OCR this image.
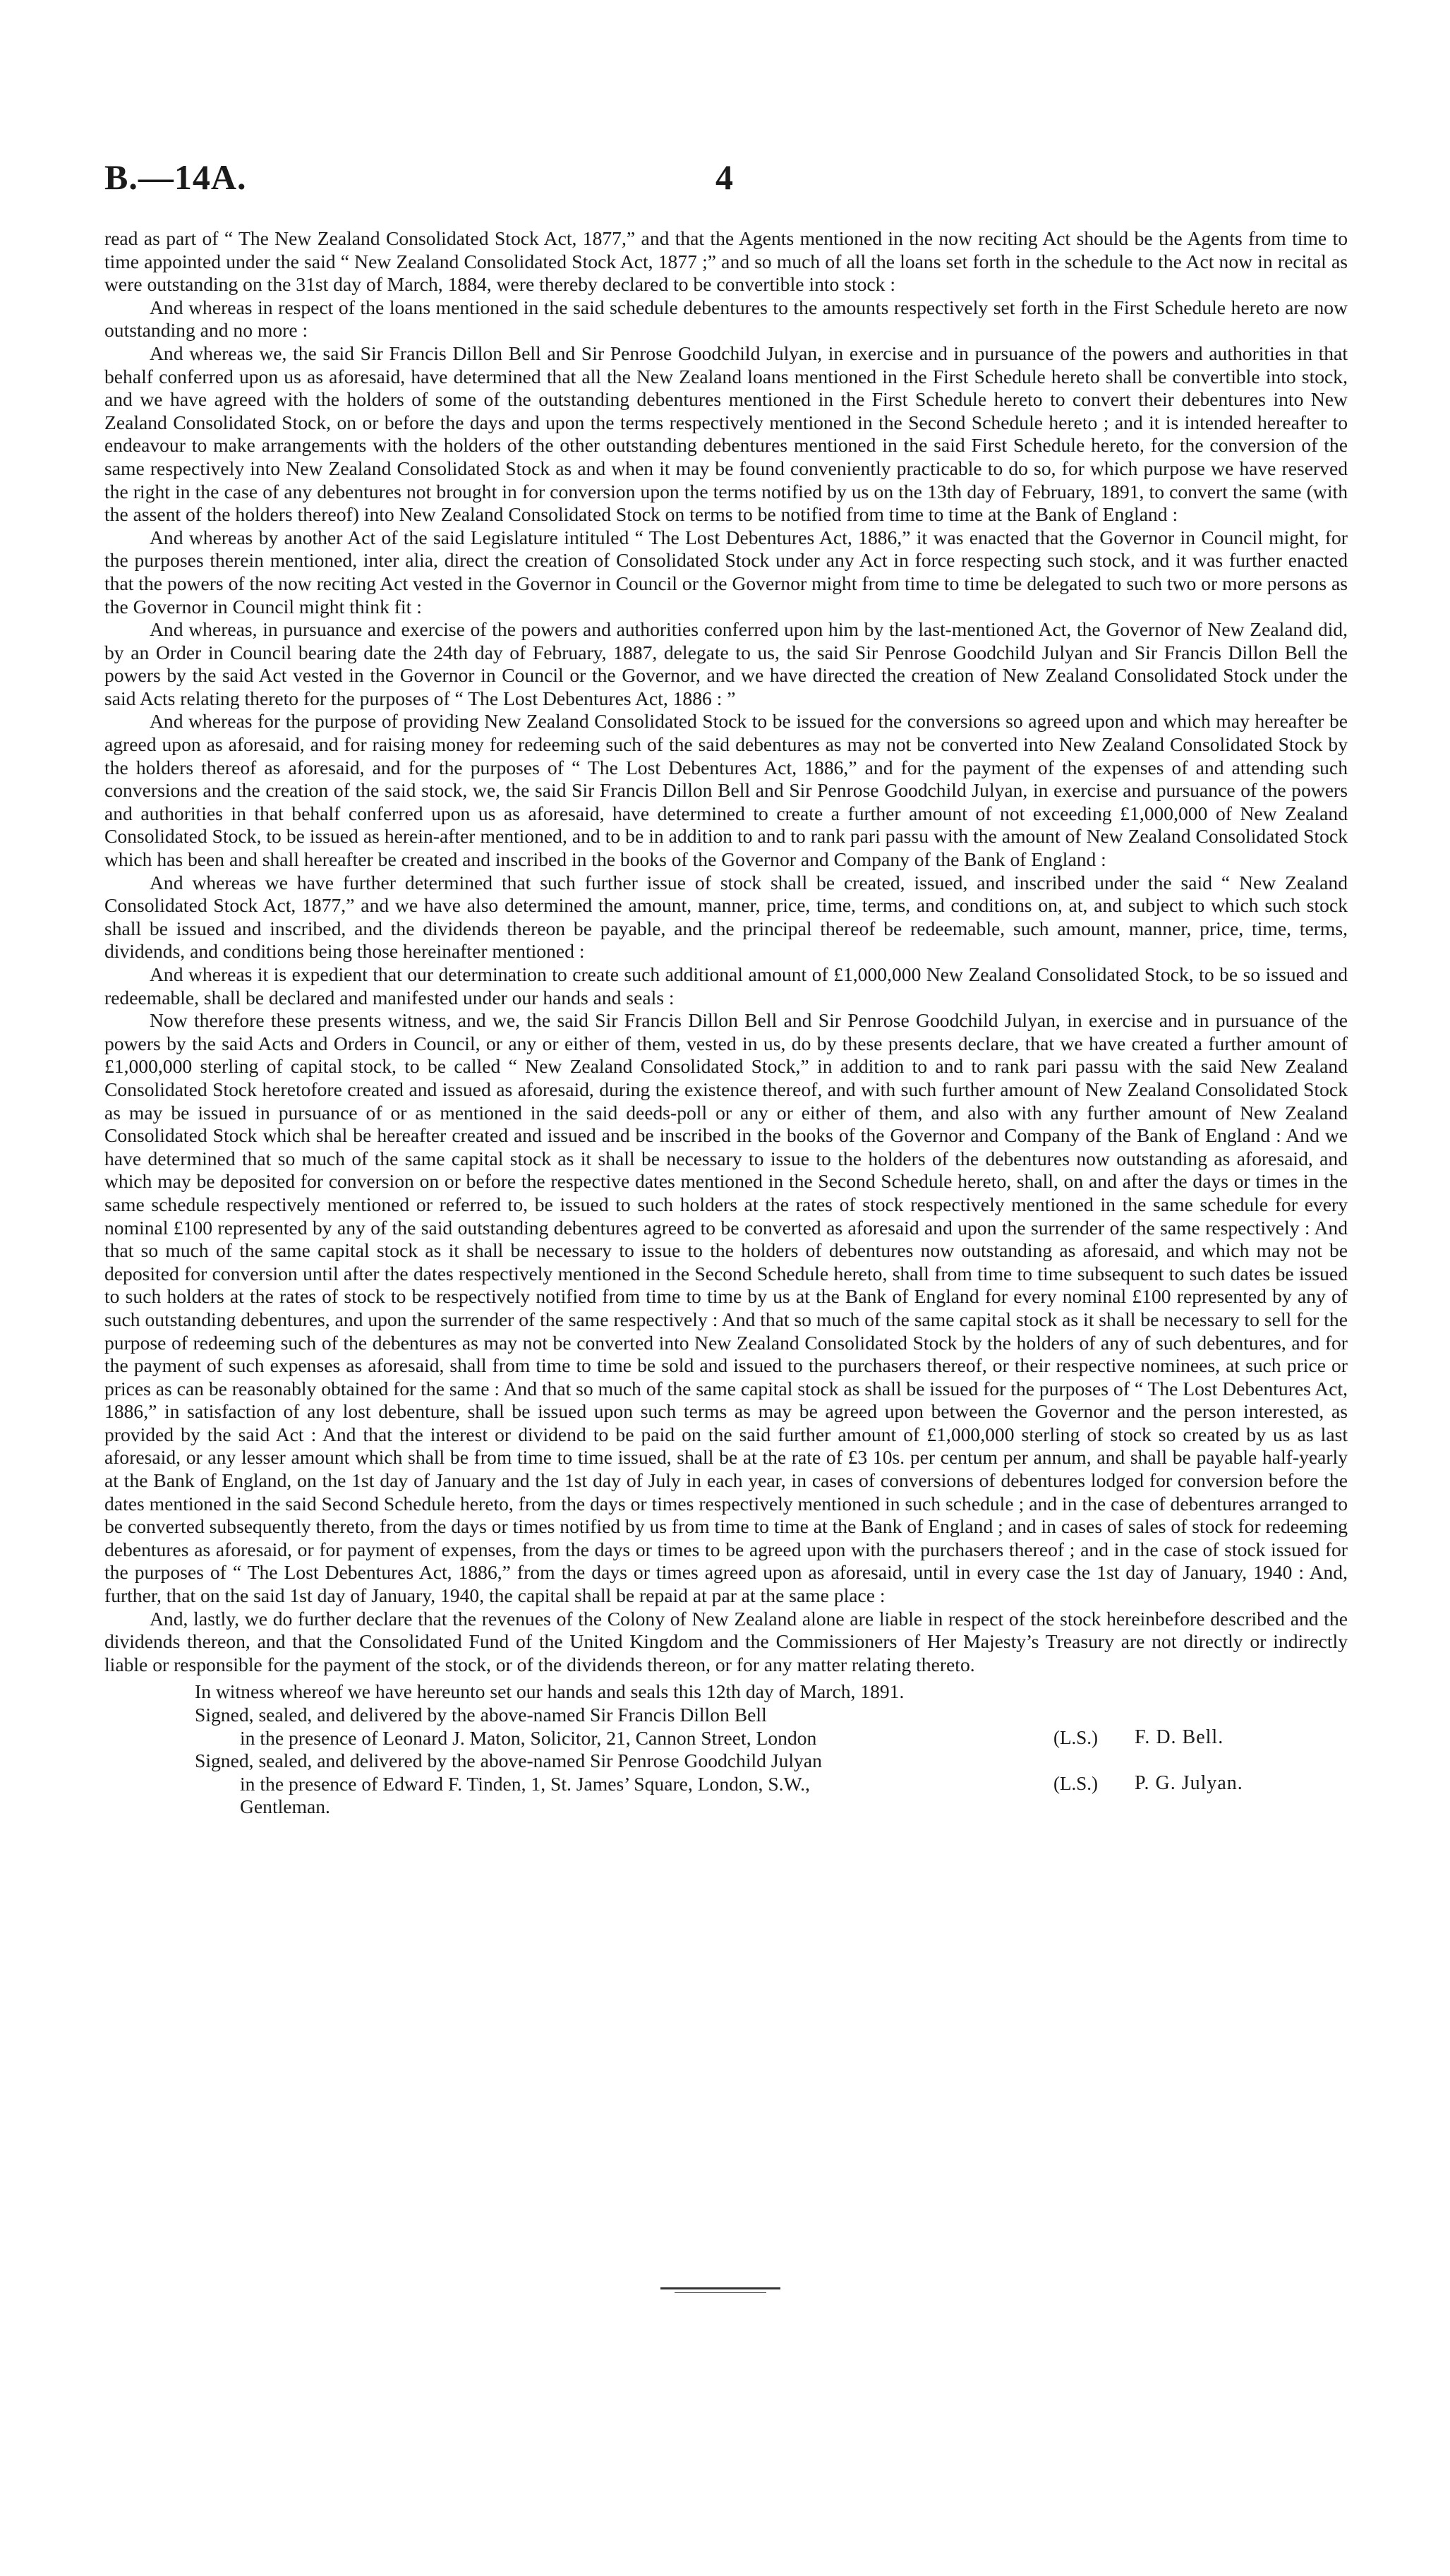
B.—14A.	4

read as part of “ The New Zealand Consolidated Stock Act, 1877,” and that the Agents mentioned in the now reciting Act should be the Agents from time to time appointed under the said “ New Zealand Consolidated Stock Act, 1877 ;” and so much of all the loans set forth in the schedule to the Act now in recital as were outstanding on the 31st day of March, 1884, were thereby declared to be convertible into stock :

And whereas in respect of the loans mentioned in the said schedule debentures to the amounts respectively set forth in the First Schedule hereto are now outstanding and no more :

And whereas we, the said Sir Francis Dillon Bell and Sir Penrose Goodchild Julyan, in exercise and in pursuance of the powers and authorities in that behalf conferred upon us as aforesaid, have determined that all the New Zealand loans mentioned in the First Schedule hereto shall be convertible into stock, and we have agreed with the holders of some of the outstanding debentures mentioned in the First Schedule hereto to convert their debentures into New Zealand Consolidated Stock, on or before the days and upon the terms respectively mentioned in the Second Schedule hereto ; and it is intended hereafter to endeavour to make arrangements with the holders of the other outstanding debentures mentioned in the said First Schedule hereto, for the conversion of the same respectively into New Zealand Consolidated Stock as and when it may be found conveniently practicable to do so, for which purpose we have reserved the right in the case of any debentures not brought in for conversion upon the terms notified by us on the 13th day of February, 1891, to convert the same (with the assent of the holders thereof) into New Zealand Consolidated Stock on terms to be notified from time to time at the Bank of England :

And whereas by another Act of the said Legislature intituled “ The Lost Debentures Act, 1886,” it was enacted that the Governor in Council might, for the purposes therein mentioned, inter alia, direct the creation of Consolidated Stock under any Act in force respecting such stock, and it was further enacted that the powers of the now reciting Act vested in the Governor in Council or the Governor might from time to time be delegated to such two or more persons as the Governor in Council might think fit :

And whereas, in pursuance and exercise of the powers and authorities conferred upon him by the last-mentioned Act, the Governor of New Zealand did, by an Order in Council bearing date the 24th day of February, 1887, delegate to us, the said Sir Penrose Goodchild Julyan and Sir Francis Dillon Bell the powers by the said Act vested in the Governor in Council or the Governor, and we have directed the creation of New Zealand Consolidated Stock under the said Acts relating thereto for the purposes of “ The Lost Debentures Act, 1886 : ”

And whereas for the purpose of providing New Zealand Consolidated Stock to be issued for the conversions so agreed upon and which may hereafter be agreed upon as aforesaid, and for raising money for redeeming such of the said debentures as may not be converted into New Zealand Consolidated Stock by the holders thereof as aforesaid, and for the purposes of “ The Lost Debentures Act, 1886,” and for the payment of the expenses of and attending such conversions and the creation of the said stock, we, the said Sir Francis Dillon Bell and Sir Penrose Goodchild Julyan, in exercise and pursuance of the powers and authorities in that behalf conferred upon us as aforesaid, have determined to create a further amount of not exceeding £1,000,000 of New Zealand Consolidated Stock, to be issued as herein-after mentioned, and to be in addition to and to rank pari passu with the amount of New Zealand Consolidated Stock which has been and shall hereafter be created and inscribed in the books of the Governor and Company of the Bank of England :

And whereas we have further determined that such further issue of stock shall be created, issued, and inscribed under the said “ New Zealand Consolidated Stock Act, 1877,” and we have also determined the amount, manner, price, time, terms, and conditions on, at, and subject to which such stock shall be issued and inscribed, and the dividends thereon be payable, and the principal thereof be redeemable, such amount, manner, price, time, terms, dividends, and conditions being those hereinafter mentioned :

And whereas it is expedient that our determination to create such additional amount of £1,000,000 New Zealand Consolidated Stock, to be so issued and redeemable, shall be declared and manifested under our hands and seals :

Now therefore these presents witness, and we, the said Sir Francis Dillon Bell and Sir Penrose Goodchild Julyan, in exercise and in pursuance of the powers by the said Acts and Orders in Council, or any or either of them, vested in us, do by these presents declare, that we have created a further amount of £1,000,000 sterling of capital stock, to be called “ New Zealand Consolidated Stock,” in addition to and to rank pari passu with the said New Zealand Consolidated Stock heretofore created and issued as aforesaid, during the existence thereof, and with such further amount of New Zealand Consolidated Stock as may be issued in pursuance of or as mentioned in the said deeds-poll or any or either of them, and also with any further amount of New Zealand Consolidated Stock which shal be hereafter created and issued and be inscribed in the books of the Governor and Company of the Bank of England : And we have determined that so much of the same capital stock as it shall be necessary to issue to the holders of the debentures now outstanding as aforesaid, and which may be deposited for conversion on or before the respective dates mentioned in the Second Schedule hereto, shall, on and after the days or times in the same schedule respectively mentioned or referred to, be issued to such holders at the rates of stock respectively mentioned in the same schedule for every nominal £100 represented by any of the said outstanding debentures agreed to be converted as aforesaid and upon the surrender of the same respectively : And that so much of the same capital stock as it shall be necessary to issue to the holders of debentures now outstanding as aforesaid, and which may not be deposited for conversion until after the dates respectively mentioned in the Second Schedule hereto, shall from time to time subsequent to such dates be issued to such holders at the rates of stock to be respectively notified from time to time by us at the Bank of England for every nominal £100 represented by any of such outstanding debentures, and upon the surrender of the same respectively : And that so much of the same capital stock as it shall be necessary to sell for the purpose of redeeming such of the debentures as may not be converted into New Zealand Consolidated Stock by the holders of any of such debentures, and for the payment of such expenses as aforesaid, shall from time to time be sold and issued to the purchasers thereof, or their respective nominees, at such price or prices as can be reasonably obtained for the same : And that so much of the same capital stock as shall be issued for the purposes of “ The Lost Debentures Act, 1886,” in satisfaction of any lost debenture, shall be issued upon such terms as may be agreed upon between the Governor and the person interested, as provided by the said Act : And that the interest or dividend to be paid on the said further amount of £1,000,000 sterling of stock so created by us as last aforesaid, or any lesser amount which shall be from time to time issued, shall be at the rate of £3 10s. per centum per annum, and shall be payable half-yearly at the Bank of England, on the 1st day of January and the 1st day of July in each year, in cases of conversions of debentures lodged for conversion before the dates mentioned in the said Second Schedule hereto, from the days or times respectively mentioned in such schedule ; and in the case of debentures arranged to be converted subsequently thereto, from the days or times notified by us from time to time at the Bank of England ; and in cases of sales of stock for redeeming debentures as aforesaid, or for payment of expenses, from the days or times to be agreed upon with the purchasers thereof ; and in the case of stock issued for the purposes of “ The Lost Debentures Act, 1886,” from the days or times agreed upon as aforesaid, until in every case the 1st day of January, 1940 : And, further, that on the said 1st day of January, 1940, the capital shall be repaid at par at the same place :

And, lastly, we do further declare that the revenues of the Colony of New Zealand alone are liable in respect of the stock hereinbefore described and the dividends thereon, and that the Consolidated Fund of the United Kingdom and the Commissioners of Her Majesty’s Treasury are not directly or indirectly liable or responsible for the payment of the stock, or of the dividends thereon, or for any matter relating thereto.

In witness whereof we have hereunto set our hands and seals this 12th day of March, 1891.

Signed, sealed, and delivered by the above-named Sir Francis Dillon Bell

in the presence of Leonard J. Maton, Solicitor, 21, Cannon Street, London	(L.S.) F. D. Bell.

Signed, sealed, and delivered by the above-named Sir Penrose Goodchild Julyan

in the presence of Edward F. Tinden, 1, St. James’ Square, London, S.W.,

Gentleman.

(L.S.) P. G. Julyan.
